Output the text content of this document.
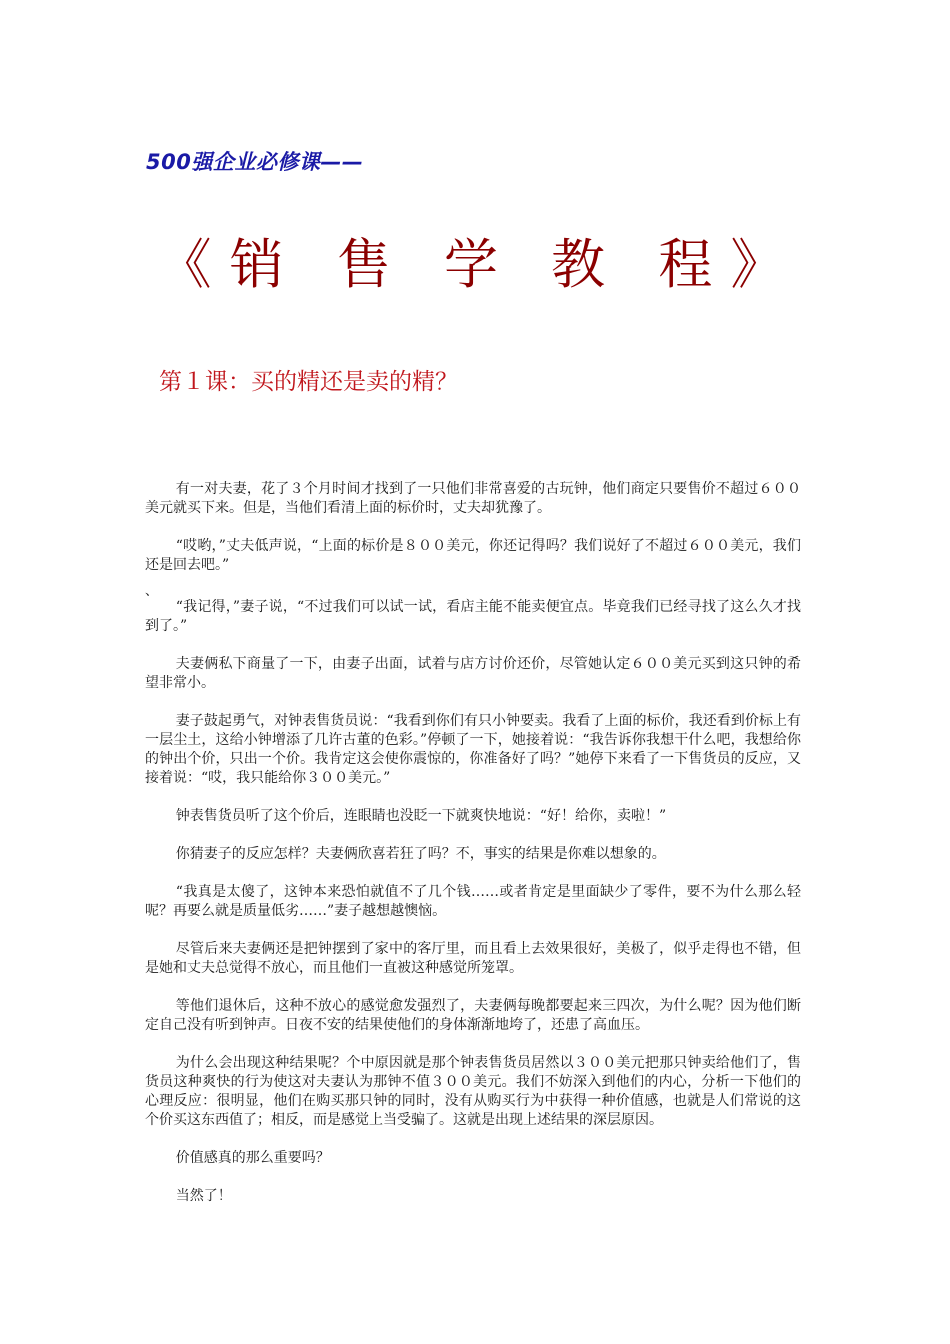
500强企业必修课——
《销 售 学 教 程》
第１课：买的精还是卖的精？

有一对夫妻，花了３个月时间才找到了一只他们非常喜爱的古玩钟，他们商定只要售价不超过６００美元就买下来。但是，当他们看清上面的标价时，丈夫却犹豫了。

“哎哟，”丈夫低声说，“上面的标价是８００美元，你还记得吗？我们说好了不超过６００美元，我们还是回去吧。”

、

“我记得，”妻子说，“不过我们可以试一试，看店主能不能卖便宜点。毕竟我们已经寻找了这么久才找到了。”

夫妻俩私下商量了一下，由妻子出面，试着与店方讨价还价，尽管她认定６００美元买到这只钟的希望非常小。

妻子鼓起勇气，对钟表售货员说：“我看到你们有只小钟要卖。我看了上面的标价，我还看到价标上有一层尘土，这给小钟增添了几许古董的色彩。”停顿了一下，她接着说：“我告诉你我想干什么吧，我想给你的钟出个价，只出一个价。我肯定这会使你震惊的，你准备好了吗？”她停下来看了一下售货员的反应，又接着说：“哎，我只能给你３００美元。”

钟表售货员听了这个价后，连眼睛也没眨一下就爽快地说：“好！给你，卖啦！”

你猜妻子的反应怎样？夫妻俩欣喜若狂了吗？不，事实的结果是你难以想象的。

“我真是太傻了，这钟本来恐怕就值不了几个钱……或者肯定是里面缺少了零件，要不为什么那么轻呢？再要么就是质量低劣……”妻子越想越懊恼。

尽管后来夫妻俩还是把钟摆到了家中的客厅里，而且看上去效果很好，美极了，似乎走得也不错，但是她和丈夫总觉得不放心，而且他们一直被这种感觉所笼罩。

等他们退休后，这种不放心的感觉愈发强烈了，夫妻俩每晚都要起来三四次，为什么呢？因为他们断定自己没有听到钟声。日夜不安的结果使他们的身体渐渐地垮了，还患了高血压。

为什么会出现这种结果呢？个中原因就是那个钟表售货员居然以３００美元把那只钟卖给他们了，售货员这种爽快的行为使这对夫妻认为那钟不值３００美元。我们不妨深入到他们的内心，分析一下他们的心理反应：很明显，他们在购买那只钟的同时，没有从购买行为中获得一种价值感，也就是人们常说的这个价买这东西值了；相反，而是感觉上当受骗了。这就是出现上述结果的深层原因。

价值感真的那么重要吗？

当然了！
